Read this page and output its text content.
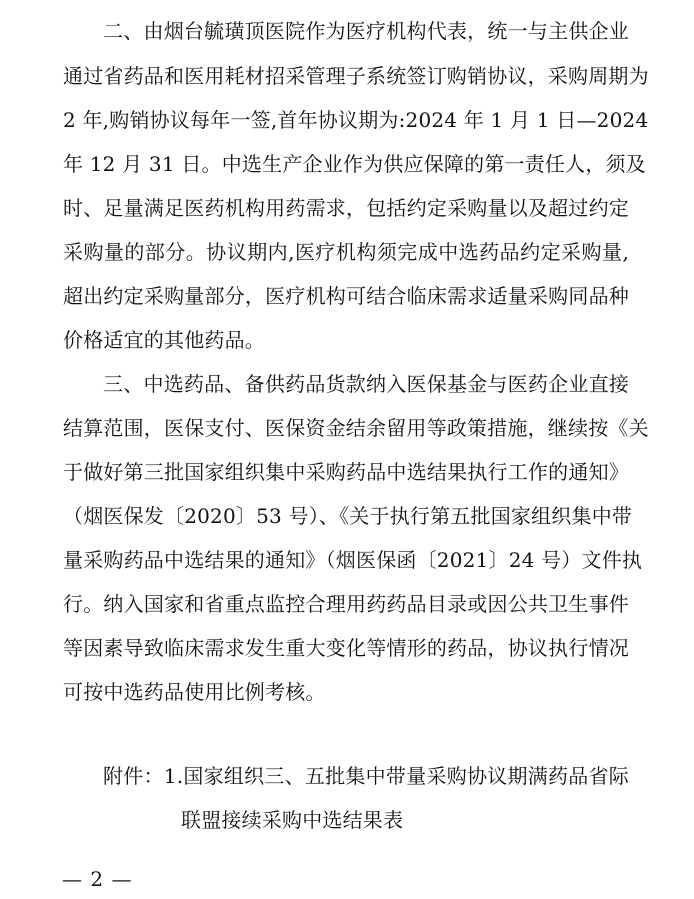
二、由烟台毓璜顶医院作为医疗机构代表，统一与主供企业
通过省药品和医用耗材招采管理子系统签订购销协议，采购周期为
2 年,购销协议每年一签,首年协议期为:2024 年 1 月 1 日—2024
年 12 月 31 日。中选生产企业作为供应保障的第一责任人，须及
时、足量满足医药机构用药需求，包括约定采购量以及超过约定
采购量的部分。协议期内,医疗机构须完成中选药品约定采购量,
超出约定采购量部分，医疗机构可结合临床需求适量采购同品种
价格适宜的其他药品。
三、中选药品、备供药品货款纳入医保基金与医药企业直接
结算范围，医保支付、医保资金结余留用等政策措施，继续按《关
于做好第三批国家组织集中采购药品中选结果执行工作的通知》
（烟医保发〔2020〕53 号）、《关于执行第五批国家组织集中带
量采购药品中选结果的通知》（烟医保函〔2021〕24 号）文件执
行。纳入国家和省重点监控合理用药药品目录或因公共卫生事件
等因素导致临床需求发生重大变化等情形的药品，协议执行情况
可按中选药品使用比例考核。
附件：1.国家组织三、五批集中带量采购协议期满药品省际
联盟接续采购中选结果表
— 2 —
